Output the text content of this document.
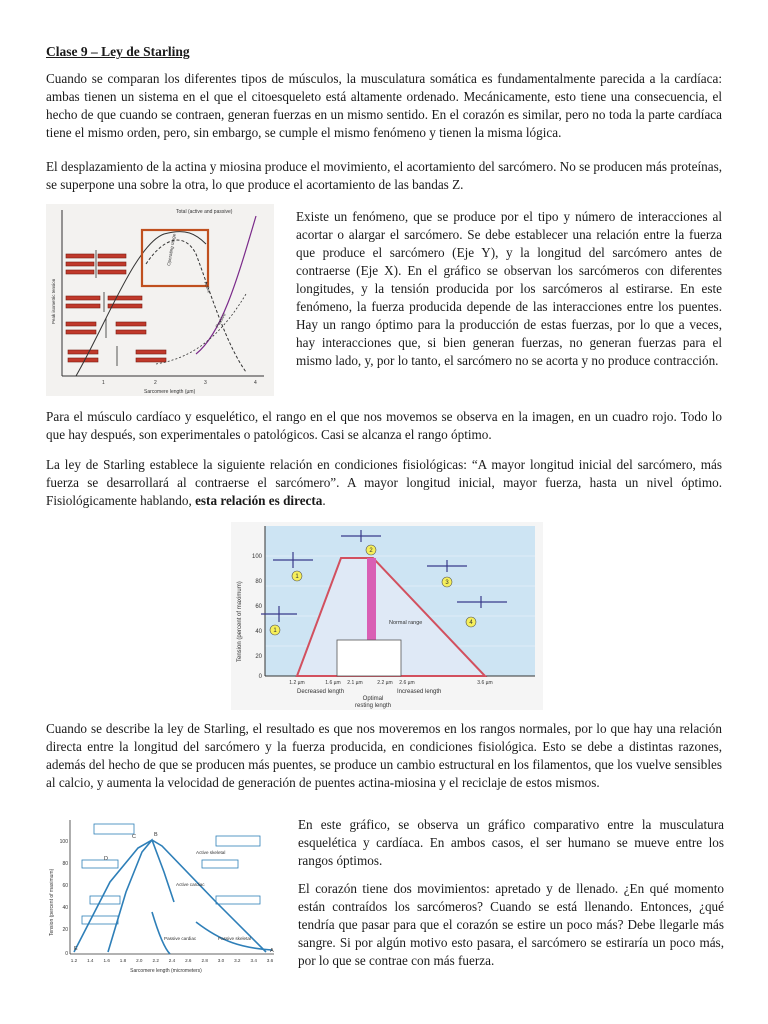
Clase 9 – Ley de Starling

Cuando se comparan los diferentes tipos de músculos, la musculatura somática es fundamentalmente parecida a la cardíaca: ambas tienen un sistema en el que el citoesqueleto está altamente ordenado. Mecánicamente, esto tiene una consecuencia, el hecho de que cuando se contraen, generan fuerzas en un mismo sentido. En el corazón es similar, pero no toda la parte cardíaca tiene el mismo orden, pero, sin embargo, se cumple el mismo fenómeno y tienen la misma lógica.

El desplazamiento de la actina y miosina produce el movimiento, el acortamiento del sarcómero. No se producen más proteínas, se superpone una sobre la otra, lo que produce el acortamiento de las bandas Z.

Total (active and passive)
Operating range
Active
Passive
Peak isometric tension
1	2	3	4
Sarcomere length (µm)

Existe un fenómeno, que se produce por el tipo y número de interacciones al acortar o alargar el sarcómero. Se debe establecer una relación entre la fuerza que produce el sarcómero (Eje Y), y la longitud del sarcómero antes de contraerse (Eje X). En el gráfico se observan los sarcómeros con diferentes longitudes, y la tensión producida por los sarcómeros al estirarse. En este fenómeno, la fuerza producida depende de las interacciones entre los puentes. Hay un rango óptimo para la producción de estas fuerzas, por lo que a veces, hay interacciones que, si bien generan fuerzas, no generan fuerzas para el mismo lado, y, por lo tanto, el sarcómero no se acorta y no produce contracción.

Para el músculo cardíaco y esquelético, el rango en el que nos movemos se observa en la imagen, en un cuadro rojo. Todo lo que hay después, son experimentales o patológicos. Casi se alcanza el rango óptimo.

La ley de Starling establece la siguiente relación en condiciones fisiológicas: “A mayor longitud inicial del sarcómero, más fuerza se desarrollará al contraerse el sarcómero”. A mayor longitud inicial, mayor fuerza, hasta un nivel óptimo. Fisiológicamente hablando, esta relación es directa.

100
80
60
40
20
0
Tension (percent of maximum)	Normal range
1
2
3
1
4
1.2 µm	1.6 µm 2.1 µm	2.2 µm 2.6 µm	3.6 µm
Decreased length	Increased length
Optimal
resting length

Cuando se describe la ley de Starling, el resultado es que nos moveremos en los rangos normales, por lo que hay una relación directa entre la longitud del sarcómero y la fuerza producida, en condiciones fisiológica. Esto se debe a distintas razones, además del hecho de que se producen más puentes, se produce un cambio estructural en los filamentos, que los vuelve sensibles al calcio, y aumenta la velocidad de generación de puentes actina-miosina y el reciclaje de estos mismos.

100
80
60
40
20
0
Tension (percent of maximum)
1.2 1.4 1.6 1.8 2.0 2.2 2.4 2.6 2.8 3.0 3.2 3.4 3.6
Sarcomere length (micrometers)
A
B
C
D
E
Active skeletal
Active cardiac
Passive cardiac	Passive skeletal

En este gráfico, se observa un gráfico comparativo entre la musculatura esquelética y cardíaca. En ambos casos, el ser humano se mueve entre los rangos óptimos.

El corazón tiene dos movimientos: apretado y de llenado. ¿En qué momento están contraídos los sarcómeros? Cuando se está llenando. Entonces, ¿qué tendría que pasar para que el corazón se estire un poco más? Debe llegarle más sangre. Si por algún motivo esto pasara, el sarcómero se estiraría un poco más, por lo que se contrae con más fuerza.
